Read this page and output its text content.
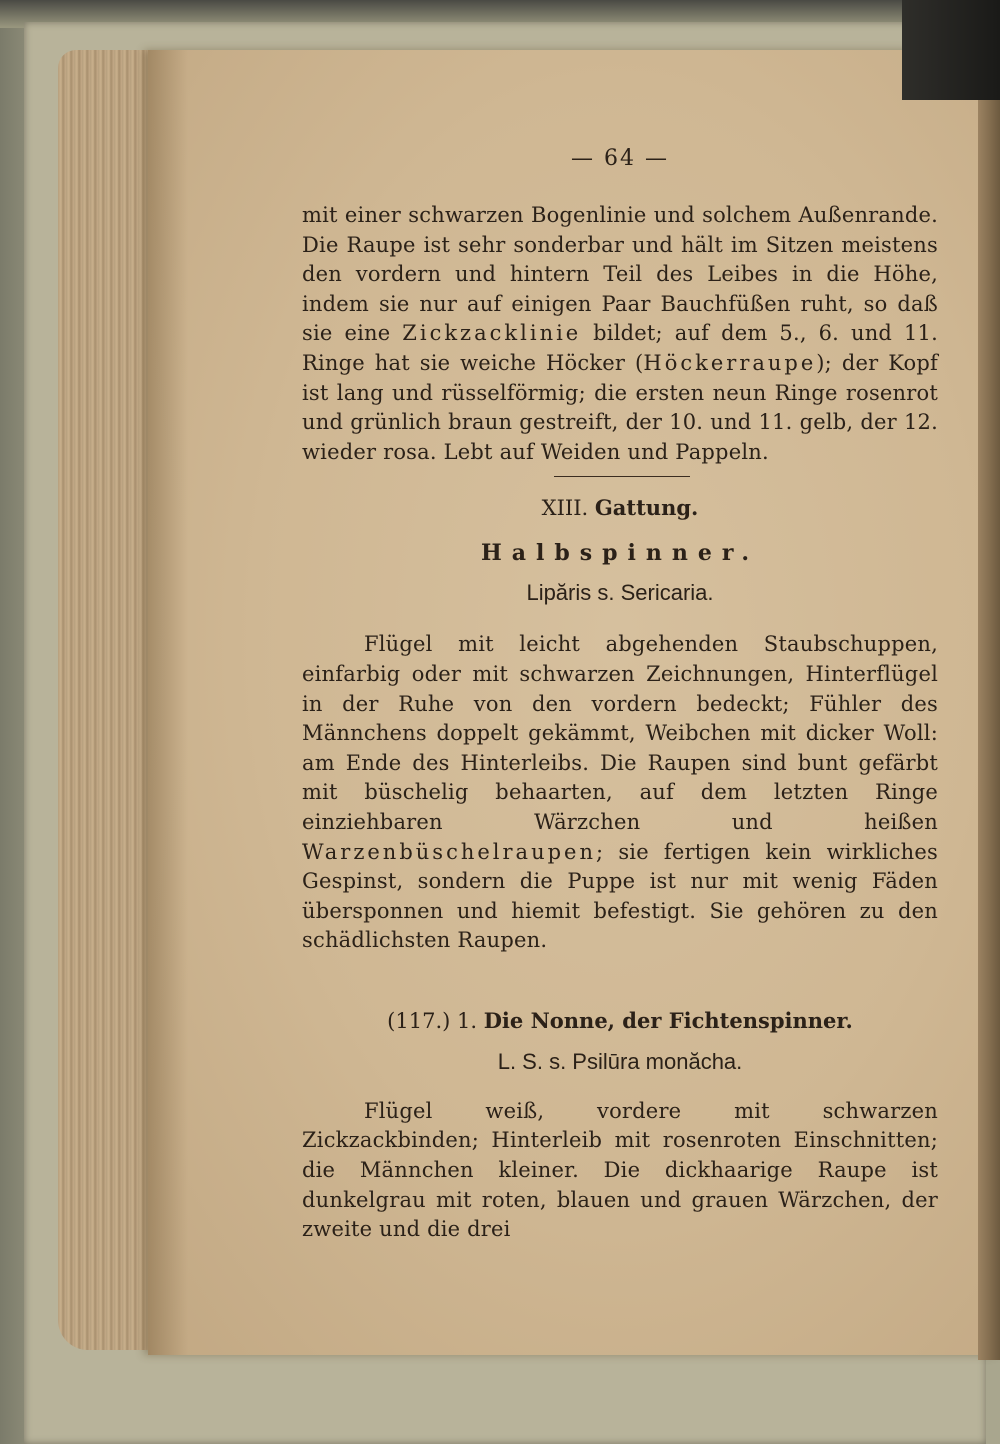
— 64 —

mit einer schwarzen Bogenlinie und solchem Außenrande. Die Raupe ist sehr sonderbar und hält im Sitzen meistens den vordern und hintern Teil des Leibes in die Höhe, indem sie nur auf einigen Paar Bauchfüßen ruht, so daß sie eine Zickzacklinie bildet; auf dem 5., 6. und 11. Ringe hat sie weiche Höcker (Höckerraupe); der Kopf ist lang und rüsselförmig; die ersten neun Ringe rosenrot und grünlich braun gestreift, der 10. und 11. gelb, der 12. wieder rosa. Lebt auf Weiden und Pappeln.

XIII. Gattung.
Halbspinner.
Lipăris s. Sericaria.

Flügel mit leicht abgehenden Staubschuppen, einfarbig oder mit schwarzen Zeichnungen, Hinterflügel in der Ruhe von den vordern bedeckt; Fühler des Männchens doppelt gekämmt, Weibchen mit dicker Woll: am Ende des Hinterleibs. Die Raupen sind bunt gefärbt mit büschelig behaarten, auf dem letzten Ringe einziehbaren Wärzchen und heißen Warzenbüschelraupen; sie fertigen kein wirkliches Gespinst, sondern die Puppe ist nur mit wenig Fäden übersponnen und hiemit befestigt. Sie gehören zu den schädlichsten Raupen.

(117.) 1. Die Nonne, der Fichtenspinner.
L. S. s. Psilūra monăcha.

Flügel weiß, vordere mit schwarzen Zickzackbinden; Hinterleib mit rosenroten Einschnitten; die Männchen kleiner. Die dickhaarige Raupe ist dunkelgrau mit roten, blauen und grauen Wärzchen, der zweite und die drei
